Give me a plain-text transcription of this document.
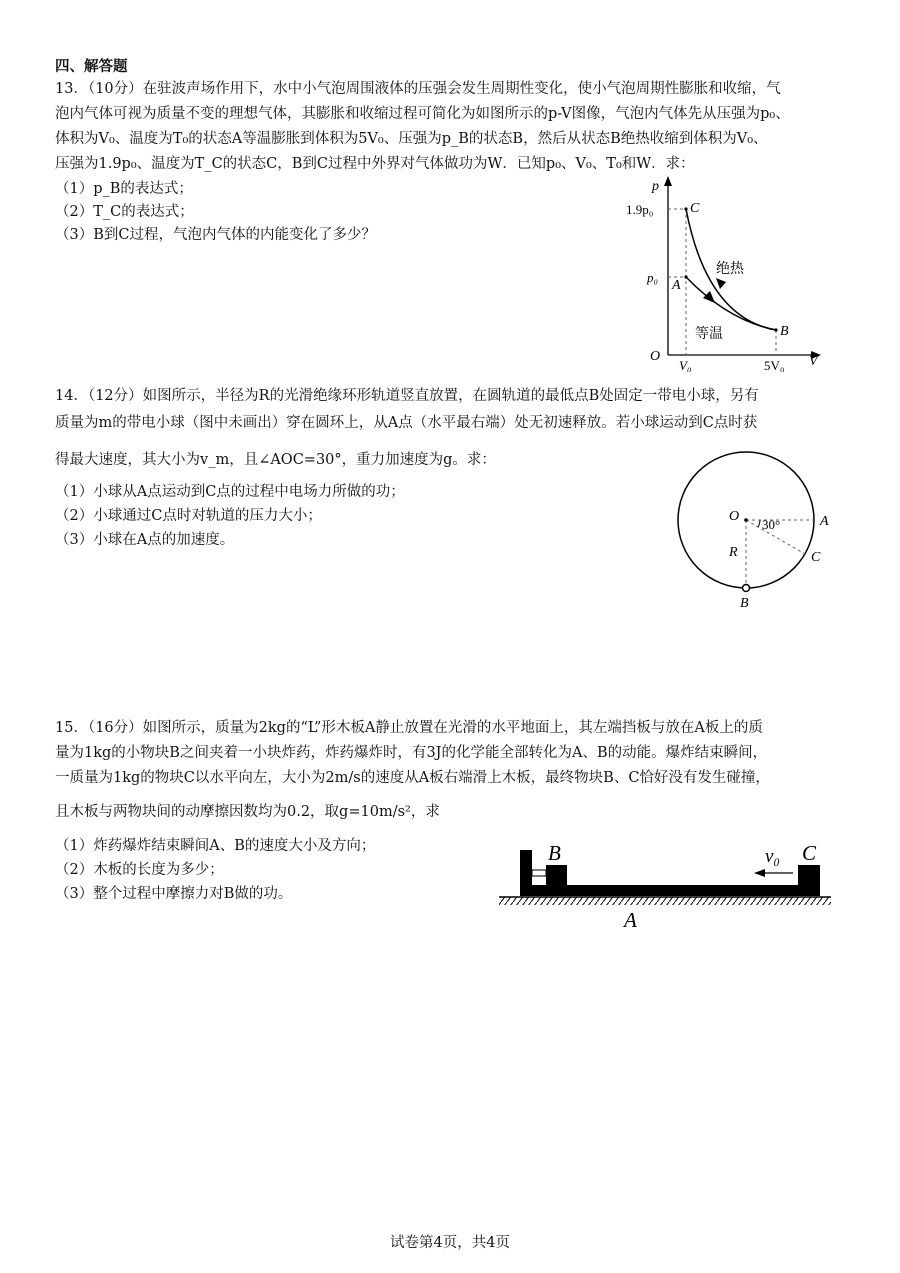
四、解答题
13．（10分）在驻波声场作用下，水中小气泡周围液体的压强会发生周期性变化，使小气泡周期性膨胀和收缩，气
泡内气体可视为质量不变的理想气体，其膨胀和收缩过程可简化为如图所示的p-V图像，气泡内气体先从压强为p₀、
体积为V₀、温度为T₀的状态A等温膨胀到体积为5V₀、压强为p_B的状态B，然后从状态B绝热收缩到体积为V₀、
压强为1.9p₀、温度为T_C的状态C，B到C过程中外界对气体做功为W．已知p₀、V₀、T₀和W．求：
（1）p_B的表达式；
（2）T_C的表达式；
（3）B到C过程，气泡内气体的内能变化了多少？
p
V
O
1.9p₀
p₀
V₀	5V₀
C
A
B
绝热
等温
14．（12分）如图所示，半径为R的光滑绝缘环形轨道竖直放置，在圆轨道的最低点B处固定一带电小球，另有
质量为m的带电小球（图中未画出）穿在圆环上，从A点（水平最右端）处无初速释放。若小球运动到C点时获
得最大速度，其大小为v_m，且∠AOC=30°，重力加速度为g。求：
（1）小球从A点运动到C点的过程中电场力所做的功；
（2）小球通过C点时对轨道的压力大小；
（3）小球在A点的加速度。
O	A
C
B
R
30°
15．（16分）如图所示，质量为2kg的“L”形木板A静止放置在光滑的水平地面上，其左端挡板与放在A板上的质
量为1kg的小物块B之间夹着一小块炸药，炸药爆炸时，有3J的化学能全部转化为A、B的动能。爆炸结束瞬间，
一质量为1kg的物块C以水平向左，大小为2m/s的速度从A板右端滑上木板，最终物块B、C恰好没有发生碰撞，
且木板与两物块间的动摩擦因数均为0.2，取g=10m/s²，求
（1）炸药爆炸结束瞬间A、B的速度大小及方向；
（2）木板的长度为多少；
（3）整个过程中摩擦力对B做的功。
B	C
A
v₀
试卷第4页，共4页
